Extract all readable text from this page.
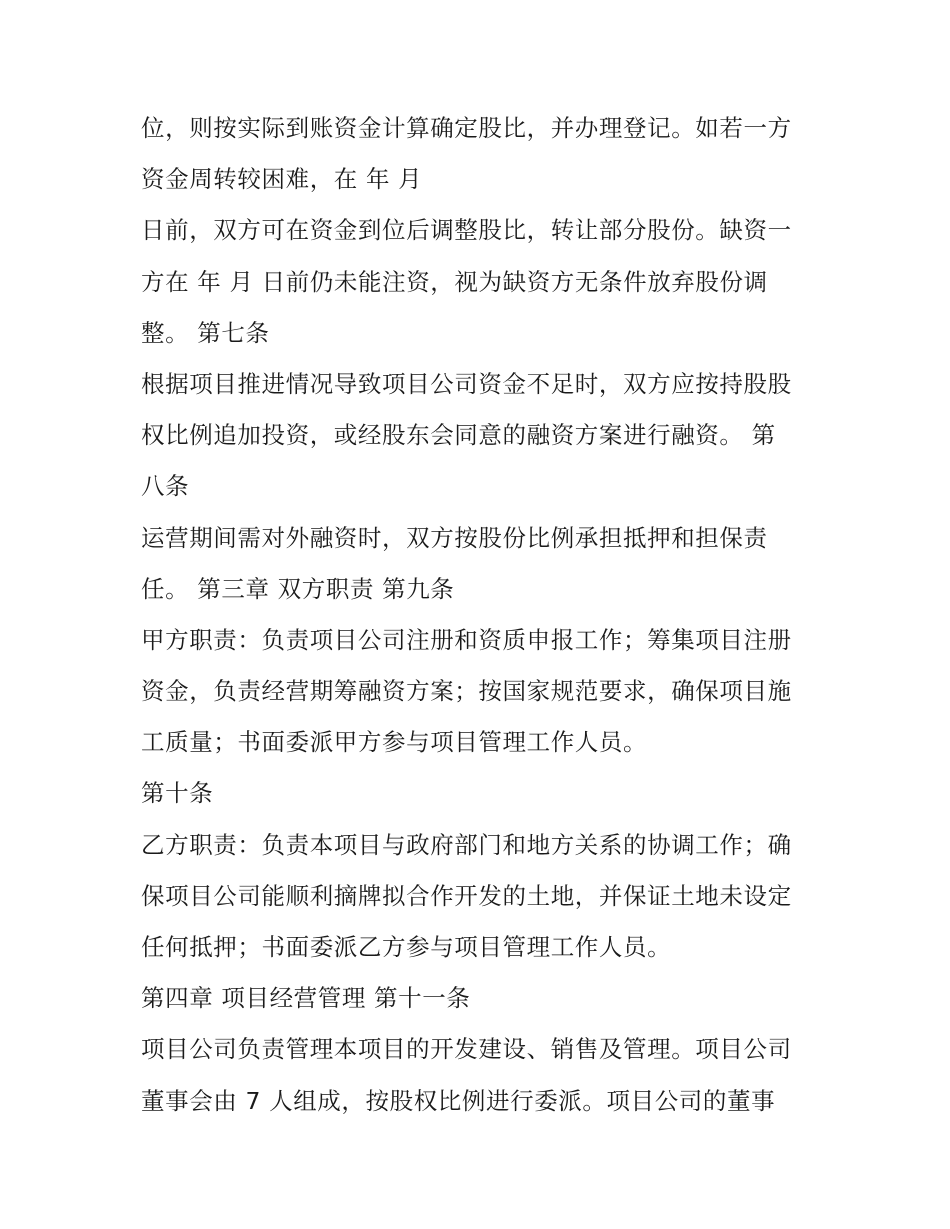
位，则按实际到账资金计算确定股比，并办理登记。如若一方
资金周转较困难，在 年 月
日前，双方可在资金到位后调整股比，转让部分股份。缺资一
方在 年 月 日前仍未能注资，视为缺资方无条件放弃股份调
整。 第七条
根据项目推进情况导致项目公司资金不足时，双方应按持股股
权比例追加投资，或经股东会同意的融资方案进行融资。 第
八条
运营期间需对外融资时，双方按股份比例承担抵押和担保责
任。 第三章 双方职责 第九条
甲方职责：负责项目公司注册和资质申报工作；筹集项目注册
资金，负责经营期筹融资方案；按国家规范要求，确保项目施
工质量；书面委派甲方参与项目管理工作人员。
第十条
乙方职责：负责本项目与政府部门和地方关系的协调工作；确
保项目公司能顺利摘牌拟合作开发的土地，并保证土地未设定
任何抵押；书面委派乙方参与项目管理工作人员。
第四章 项目经营管理 第十一条
项目公司负责管理本项目的开发建设、销售及管理。项目公司
董事会由 7 人组成，按股权比例进行委派。项目公司的董事
